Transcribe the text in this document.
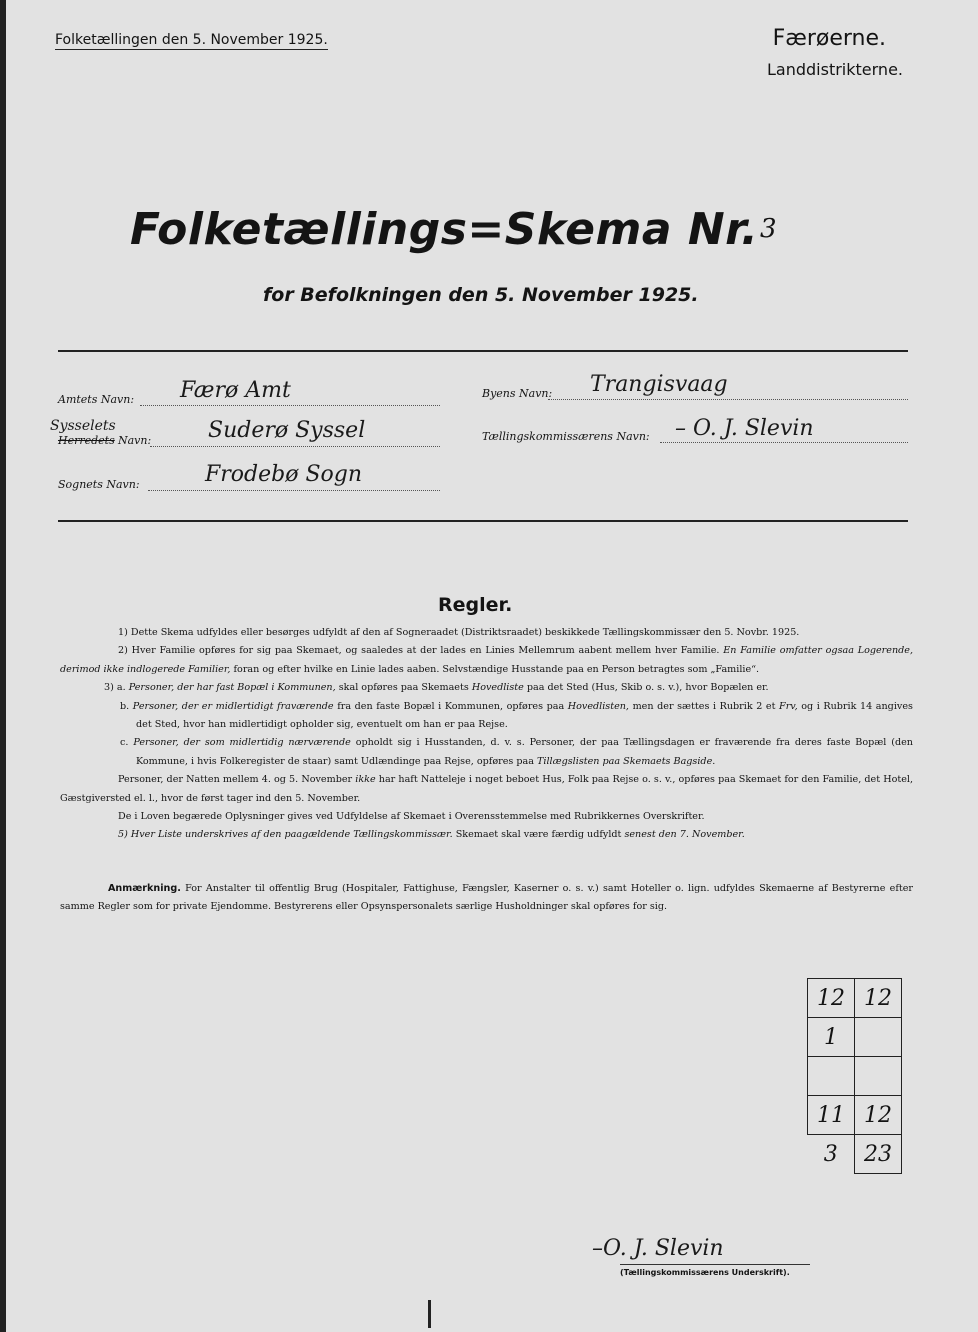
Folketællingen den 5. November 1925.	Færøerne.
Landdistrikterne.
Folketællings=Skema Nr. 3
for Befolkningen den 5. November 1925.
Amtets Navn: Færø Amt
Sysselets
Herredets Navn:	Suderø Syssel
Sognets Navn:	Frodebø Sogn
Byens Navn: Trangisvaag
Tællingskommissærens Navn: – O. J. Slevin
Regler.

1) Dette Skema udfyldes eller besørges udfyldt af den af Sogneraadet (Distriktsraadet) beskikkede Tællingskommissær den 5. Novbr. 1925.

2) Hver Familie opføres for sig paa Skemaet, og saaledes at der lades en Linies Mellemrum aabent mellem hver Familie. En Familie omfatter ogsaa Logerende, derimod ikke indlogerede Familier, foran og efter hvilke en Linie lades aaben. Selvstændige Husstande paa en Person betragtes som „Familie“.

3) a. Personer, der har fast Bopæl i Kommunen, skal opføres paa Skemaets Hovedliste paa det Sted (Hus, Skib o. s. v.), hvor Bopælen er.

b. Personer, der er midlertidigt fraværende fra den faste Bopæl i Kommunen, opføres paa Hovedlisten, men der sættes i Rubrik 2 et Frv, og i Rubrik 14 angives det Sted, hvor han midlertidigt opholder sig, eventuelt om han er paa Rejse.

c. Personer, der som midlertidig nærværende opholdt sig i Husstanden, d. v. s. Personer, der paa Tællingsdagen er fraværende fra deres faste Bopæl (den Kommune, i hvis Folkeregister de staar) samt Udlændinge paa Rejse, opføres paa Tillægslisten paa Skemaets Bagside.

Personer, der Natten mellem 4. og 5. November ikke har haft Natteleje i noget beboet Hus, Folk paa Rejse o. s. v., opføres paa Skemaet for den Familie, det Hotel, Gæstgiversted el. l., hvor de først tager ind den 5. November.

De i Loven begærede Oplysninger gives ved Udfyldelse af Skemaet i Overensstemmelse med Rubrikkernes Overskrifter.

5) Hver Liste underskrives af den paagældende Tællingskommissær. Skemaet skal være færdig udfyldt senest den 7. November.

Anmærkning. For Anstalter til offentlig Brug (Hospitaler, Fattighuse, Fængsler, Kaserner o. s. v.) samt Hoteller o. lign. udfyldes Skemaerne af Bestyrerne efter samme Regler som for private Ejendomme. Bestyrerens eller Opsynspersonalets særlige Husholdninger skal opføres for sig.
12	12
1	

11	12
3	23
–O. J. Slevin
(Tællingskommissærens Underskrift).
